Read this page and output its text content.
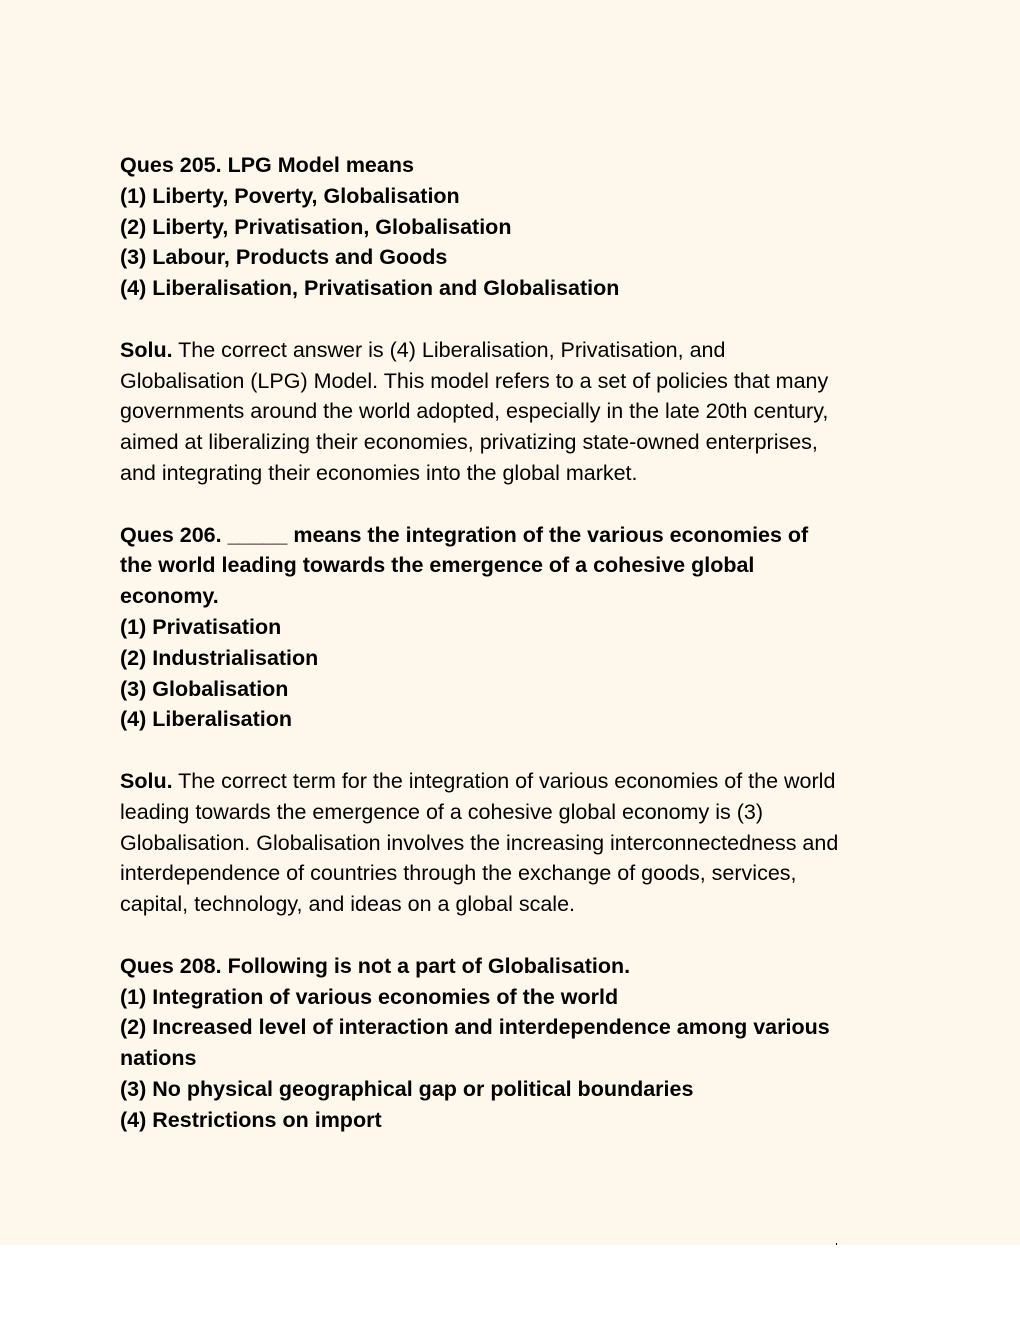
Ques 205. LPG Model means
(1) Liberty, Poverty, Globalisation
(2) Liberty, Privatisation, Globalisation
(3) Labour, Products and Goods
(4) Liberalisation, Privatisation and Globalisation
Solu. The correct answer is (4) Liberalisation, Privatisation, and
Globalisation (LPG) Model. This model refers to a set of policies that many
governments around the world adopted, especially in the late 20th century,
aimed at liberalizing their economies, privatizing state-owned enterprises,
and integrating their economies into the global market.
Ques 206. _____ means the integration of the various economies of
the world leading towards the emergence of a cohesive global
economy.
(1) Privatisation
(2) Industrialisation
(3) Globalisation
(4) Liberalisation
Solu. The correct term for the integration of various economies of the world
leading towards the emergence of a cohesive global economy is (3)
Globalisation. Globalisation involves the increasing interconnectedness and
interdependence of countries through the exchange of goods, services,
capital, technology, and ideas on a global scale.
Ques 208. Following is not a part of Globalisation.
(1) Integration of various economies of the world
(2) Increased level of interaction and interdependence among various
nations
(3) No physical geographical gap or political boundaries
(4) Restrictions on import
